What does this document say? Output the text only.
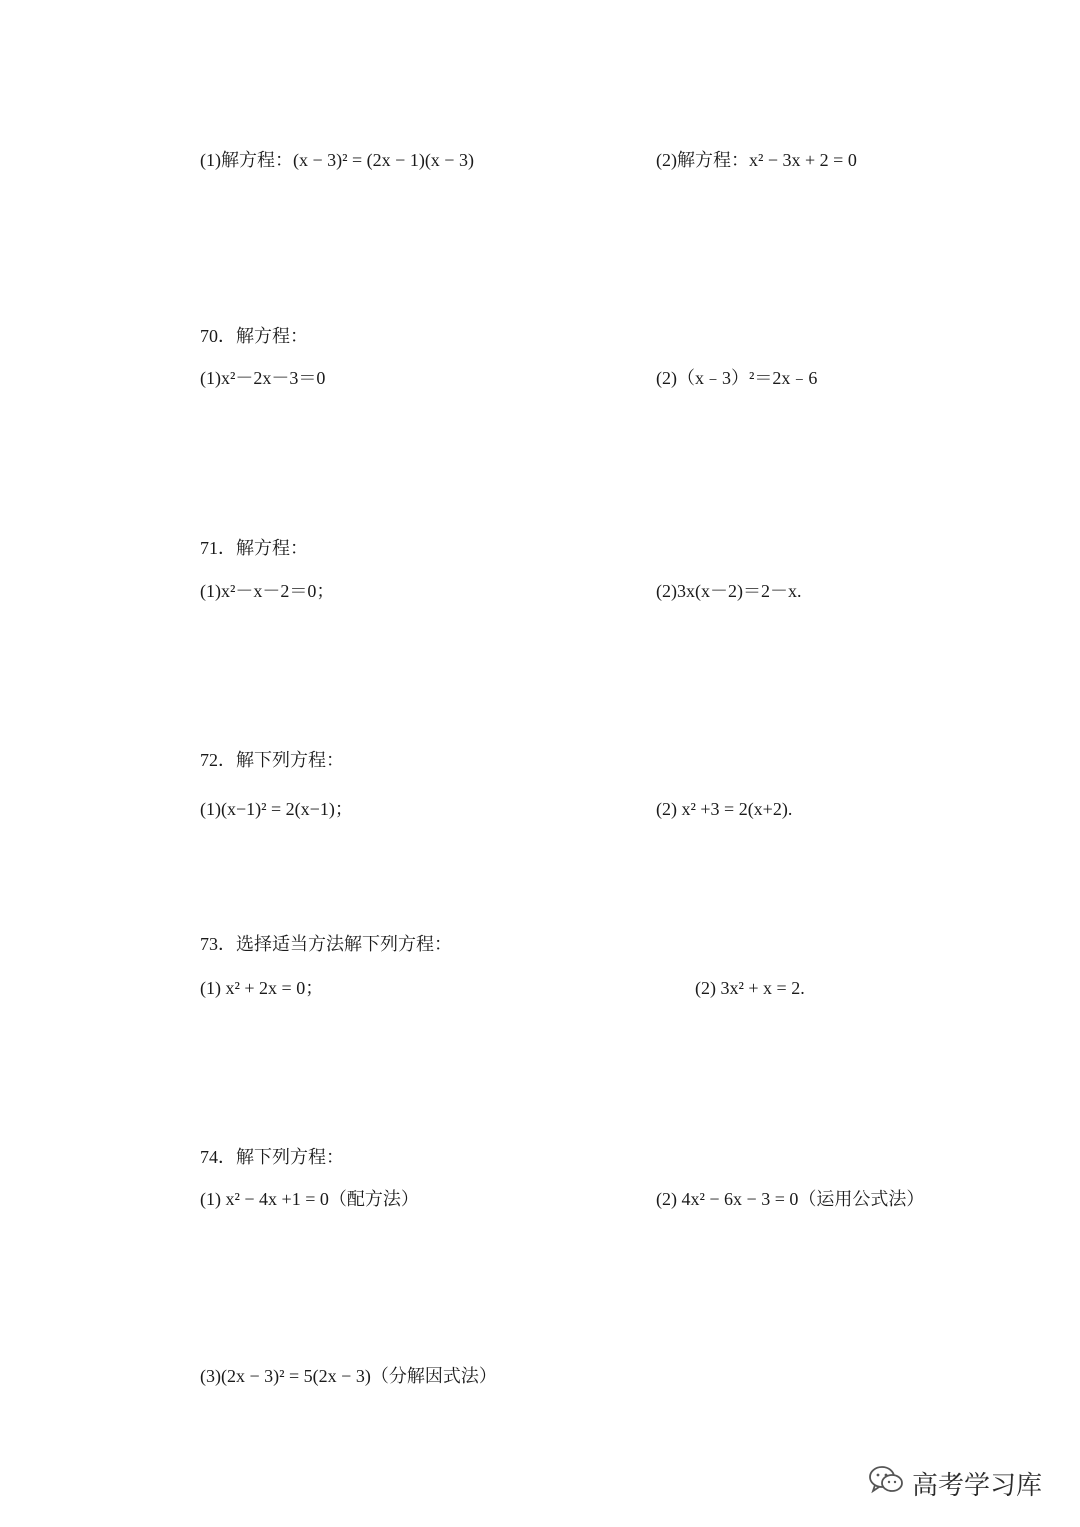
(1)解方程：(x − 3)² = (2x − 1)(x − 3)	(2)解方程：x² − 3x + 2 = 0
70．解方程：
(1)x²－2x－3＝0	(2)（x﹣3）²＝2x﹣6
71．解方程：
(1)x²－x－2＝0；	(2)3x(x－2)＝2－x.
72．解下列方程：
(1)(x−1)² = 2(x−1)；	(2) x² +3 = 2(x+2).
73．选择适当方法解下列方程：
(1) x² + 2x = 0；	(2) 3x² + x = 2.
74．解下列方程：
(1) x² − 4x +1 = 0（配方法）	(2) 4x² − 6x − 3 = 0（运用公式法）
(3)(2x − 3)² = 5(2x − 3)（分解因式法）
高考学习库
